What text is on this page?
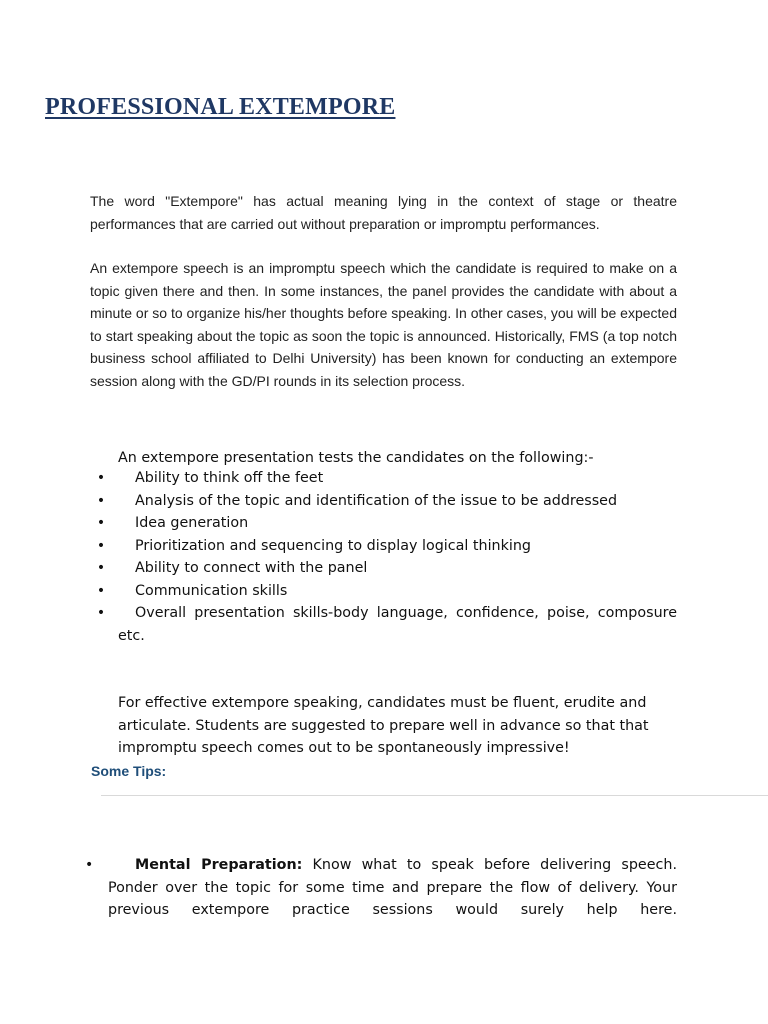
PROFESSIONAL EXTEMPORE

The word "Extempore" has actual meaning lying in the context of stage or theatre performances that are carried out without preparation or impromptu performances.

An extempore speech is an impromptu speech which the candidate is required to make on a topic given there and then. In some instances, the panel provides the candidate with about a minute or so to organize his/her thoughts before speaking. In other cases, you will be expected to start speaking about the topic as soon the topic is announced. Historically, FMS (a top notch business school affiliated to Delhi University) has been known for conducting an extempore session along with the GD/PI rounds in its selection process.

An extempore presentation tests the candidates on the following:-

• Ability to think off the feet
• Analysis of the topic and identification of the issue to be addressed
• Idea generation
• Prioritization and sequencing to display logical thinking
• Ability to connect with the panel
• Communication skills
•	Overall presentation skills-body language, confidence, poise, composure etc.

For effective extempore speaking, candidates must be fluent, erudite and articulate. Students are suggested to prepare well in advance so that that impromptu speech comes out to be spontaneously impressive!

Some Tips:

•	Mental Preparation: Know what to speak before delivering speech. Ponder over the topic for some time and prepare the flow of delivery. Your previous extempore practice sessions would surely help here.
